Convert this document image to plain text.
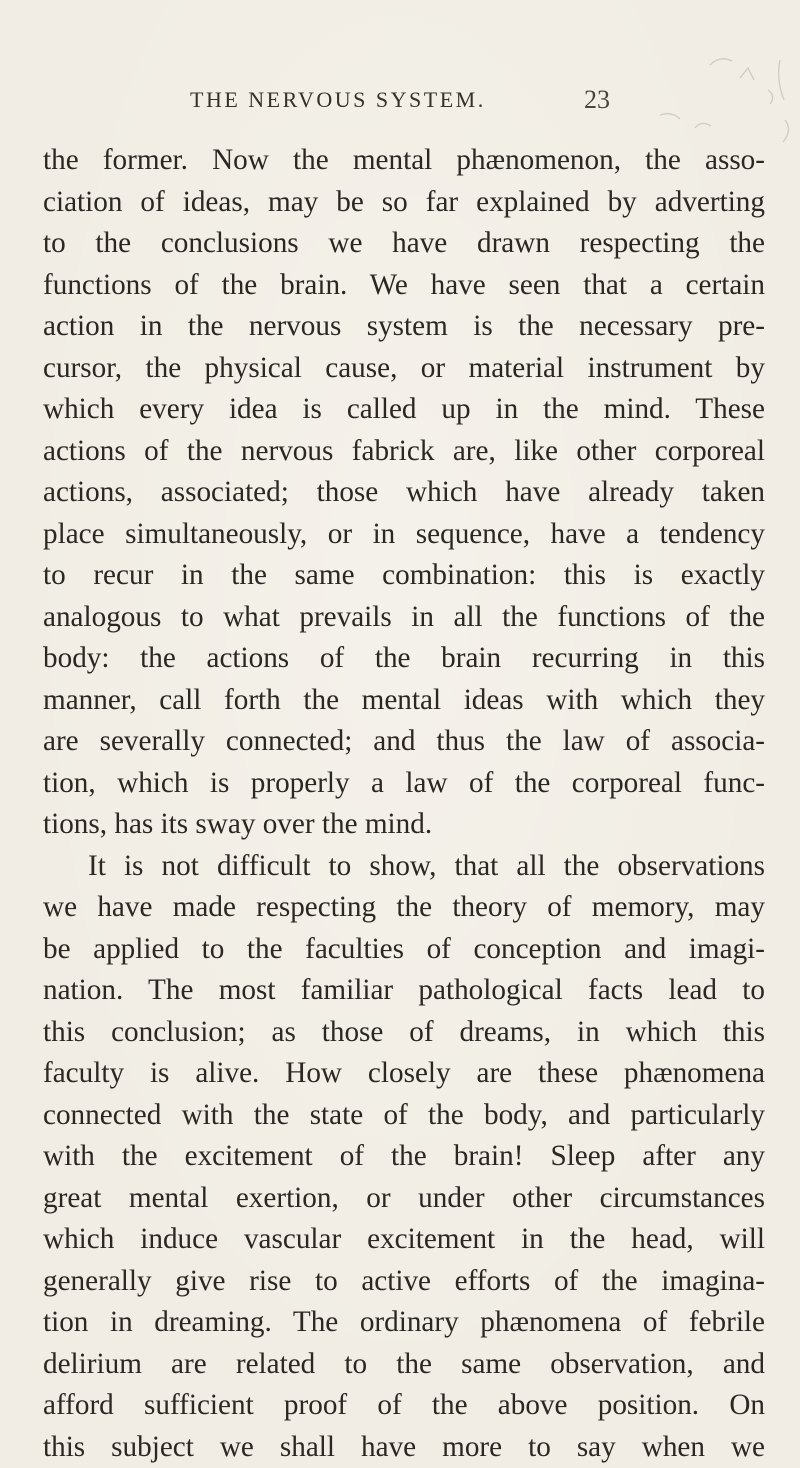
THE NERVOUS SYSTEM.	23
the former. Now the mental phænomenon, the asso-
ciation of ideas, may be so far explained by adverting
to the conclusions we have drawn respecting the
functions of the brain. We have seen that a certain
action in the nervous system is the necessary pre-
cursor, the physical cause, or material instrument by
which every idea is called up in the mind. These
actions of the nervous fabrick are, like other corporeal
actions, associated; those which have already taken
place simultaneously, or in sequence, have a tendency
to recur in the same combination: this is exactly
analogous to what prevails in all the functions of the
body: the actions of the brain recurring in this
manner, call forth the mental ideas with which they
are severally connected; and thus the law of associa-
tion, which is properly a law of the corporeal func-
tions, has its sway over the mind.
It is not difficult to show, that all the observations
we have made respecting the theory of memory, may
be applied to the faculties of conception and imagi-
nation. The most familiar pathological facts lead to
this conclusion; as those of dreams, in which this
faculty is alive. How closely are these phænomena
connected with the state of the body, and particularly
with the excitement of the brain! Sleep after any
great mental exertion, or under other circumstances
which induce vascular excitement in the head, will
generally give rise to active efforts of the imagina-
tion in dreaming. The ordinary phænomena of febrile
delirium are related to the same observation, and
afford sufficient proof of the above position. On
this subject we shall have more to say when we
